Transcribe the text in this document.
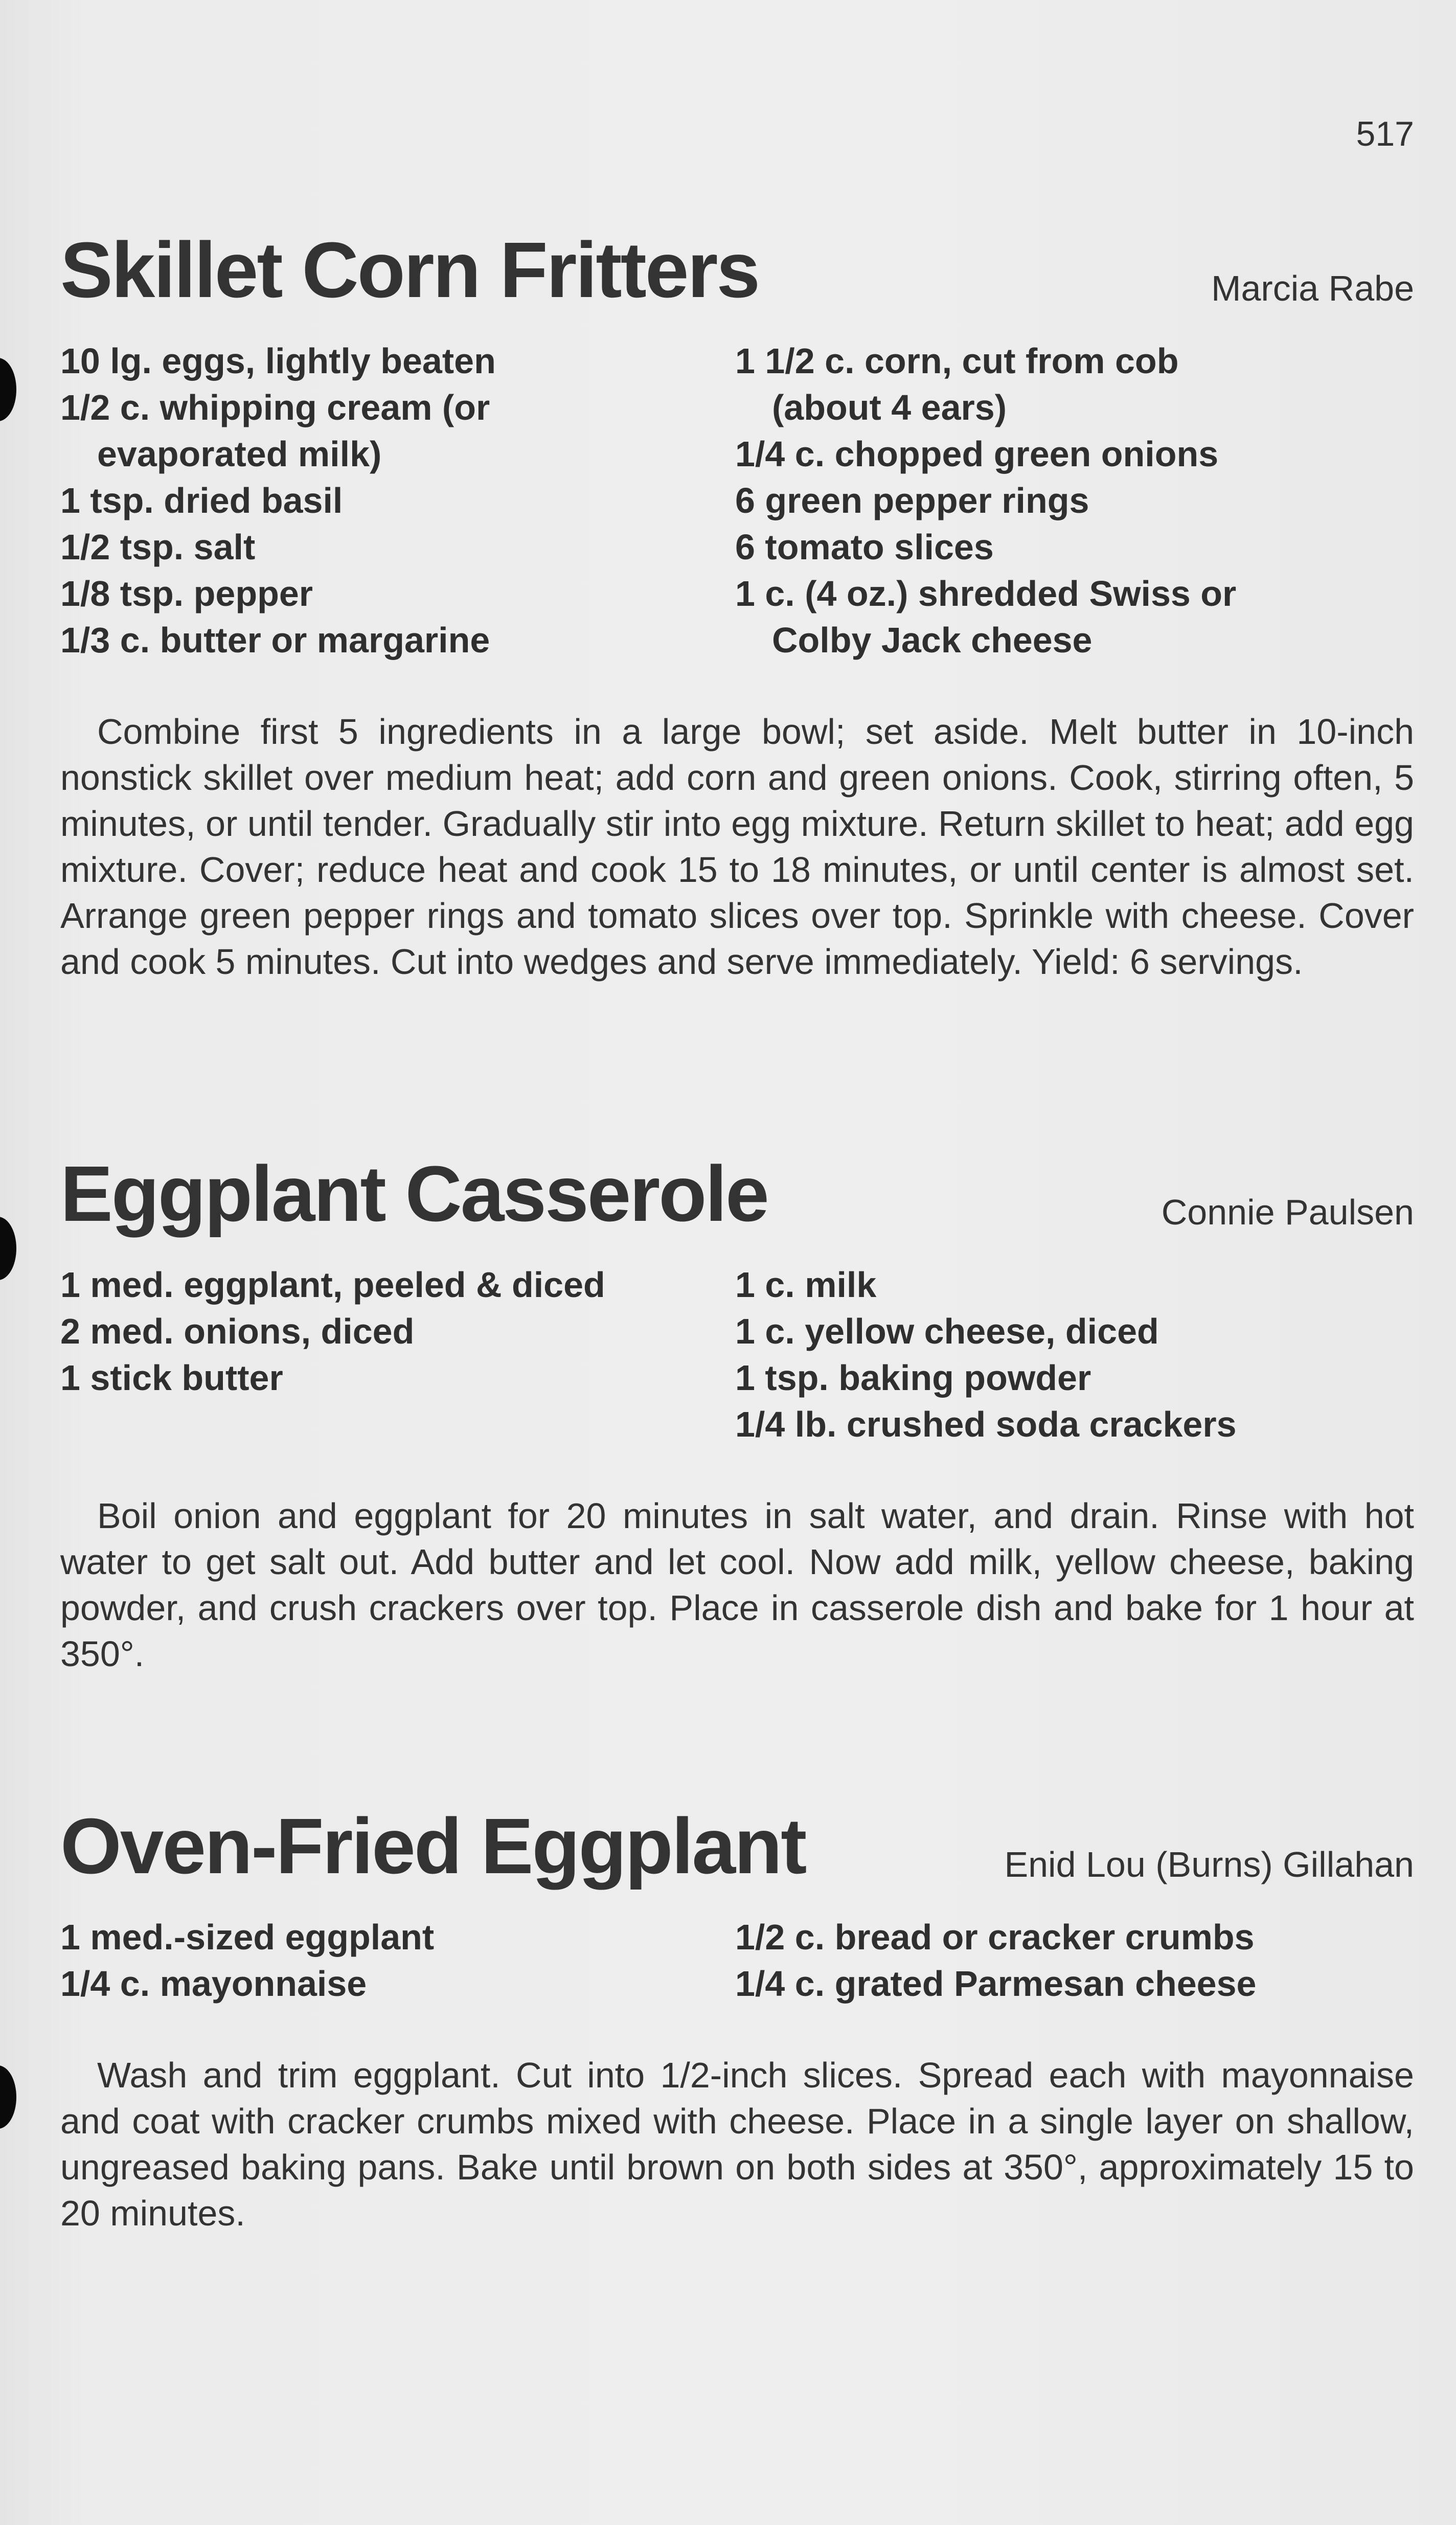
517
Skillet Corn Fritters	Marcia Rabe
10 lg. eggs, lightly beaten
1/2 c. whipping cream (or evaporated milk)
1 tsp. dried basil
1/2 tsp. salt
1/8 tsp. pepper
1/3 c. butter or margarine
1 1/2 c. corn, cut from cob (about 4 ears)
1/4 c. chopped green onions
6 green pepper rings
6 tomato slices
1 c. (4 oz.) shredded Swiss or Colby Jack cheese

Combine first 5 ingredients in a large bowl; set aside. Melt butter in 10-inch nonstick skillet over medium heat; add corn and green onions. Cook, stirring often, 5 minutes, or until tender. Gradually stir into egg mixture. Return skillet to heat; add egg mixture. Cover; reduce heat and cook 15 to 18 minutes, or until center is almost set. Arrange green pepper rings and tomato slices over top. Sprinkle with cheese. Cover and cook 5 minutes. Cut into wedges and serve immediately. Yield: 6 servings.

Eggplant Casserole	Connie Paulsen
1 med. eggplant, peeled & diced
2 med. onions, diced
1 stick butter
1 c. milk
1 c. yellow cheese, diced
1 tsp. baking powder
1/4 lb. crushed soda crackers

Boil onion and eggplant for 20 minutes in salt water, and drain. Rinse with hot water to get salt out. Add butter and let cool. Now add milk, yellow cheese, baking powder, and crush crackers over top. Place in casserole dish and bake for 1 hour at 350°.

Oven-Fried Eggplant	Enid Lou (Burns) Gillahan
1 med.-sized eggplant
1/4 c. mayonnaise
1/2 c. bread or cracker crumbs
1/4 c. grated Parmesan cheese

Wash and trim eggplant. Cut into 1/2-inch slices. Spread each with mayonnaise and coat with cracker crumbs mixed with cheese. Place in a single layer on shallow, ungreased baking pans. Bake until brown on both sides at 350°, approximately 15 to 20 minutes.
